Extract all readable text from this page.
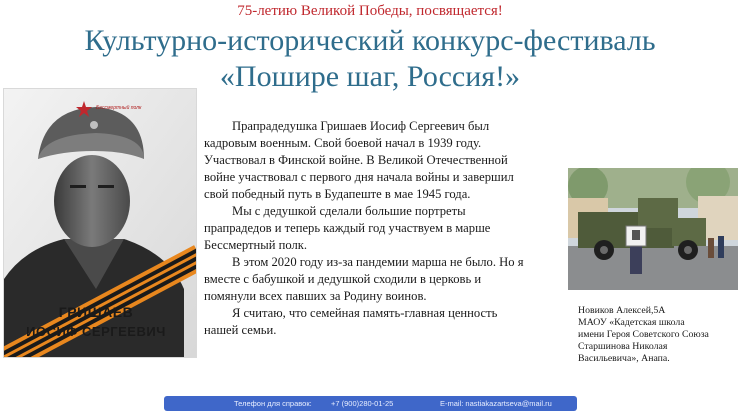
75-летию Великой Победы, посвящается!
Культурно-исторический конкурс-фестиваль
«Пошире шаг, Россия!»
Бессмертный полк
ГРИШАЕВ
ИОСИФ СЕРГЕЕВИЧ

Прапрадедушка Гришаев Иосиф Сергеевич был кадровым военным. Свой боевой начал в 1939 году. Участвовал в Финской войне. В Великой Отечественной войне участвовал с первого дня начала войны и завершил свой победный путь в Будапеште в мае 1945 года.

Мы с дедушкой сделали большие портреты прапрадедов и теперь каждый год участвуем в марше Бессмертный полк.

В этом 2020 году из-за пандемии марша не было. Но я вместе с бабушкой и дедушкой сходили в церковь и помянули всех павших за Родину воинов.

Я считаю, что семейная память-главная ценность нашей семьи.

Новиков Алексей,5А
МАОУ «Кадетская школа
имени Героя Советского Союза
Старшинова Николая
Васильевича», Анапа.
Телефон для справок:	+7 (900)280-01-25	E-mail: nastiakazartseva@mail.ru
